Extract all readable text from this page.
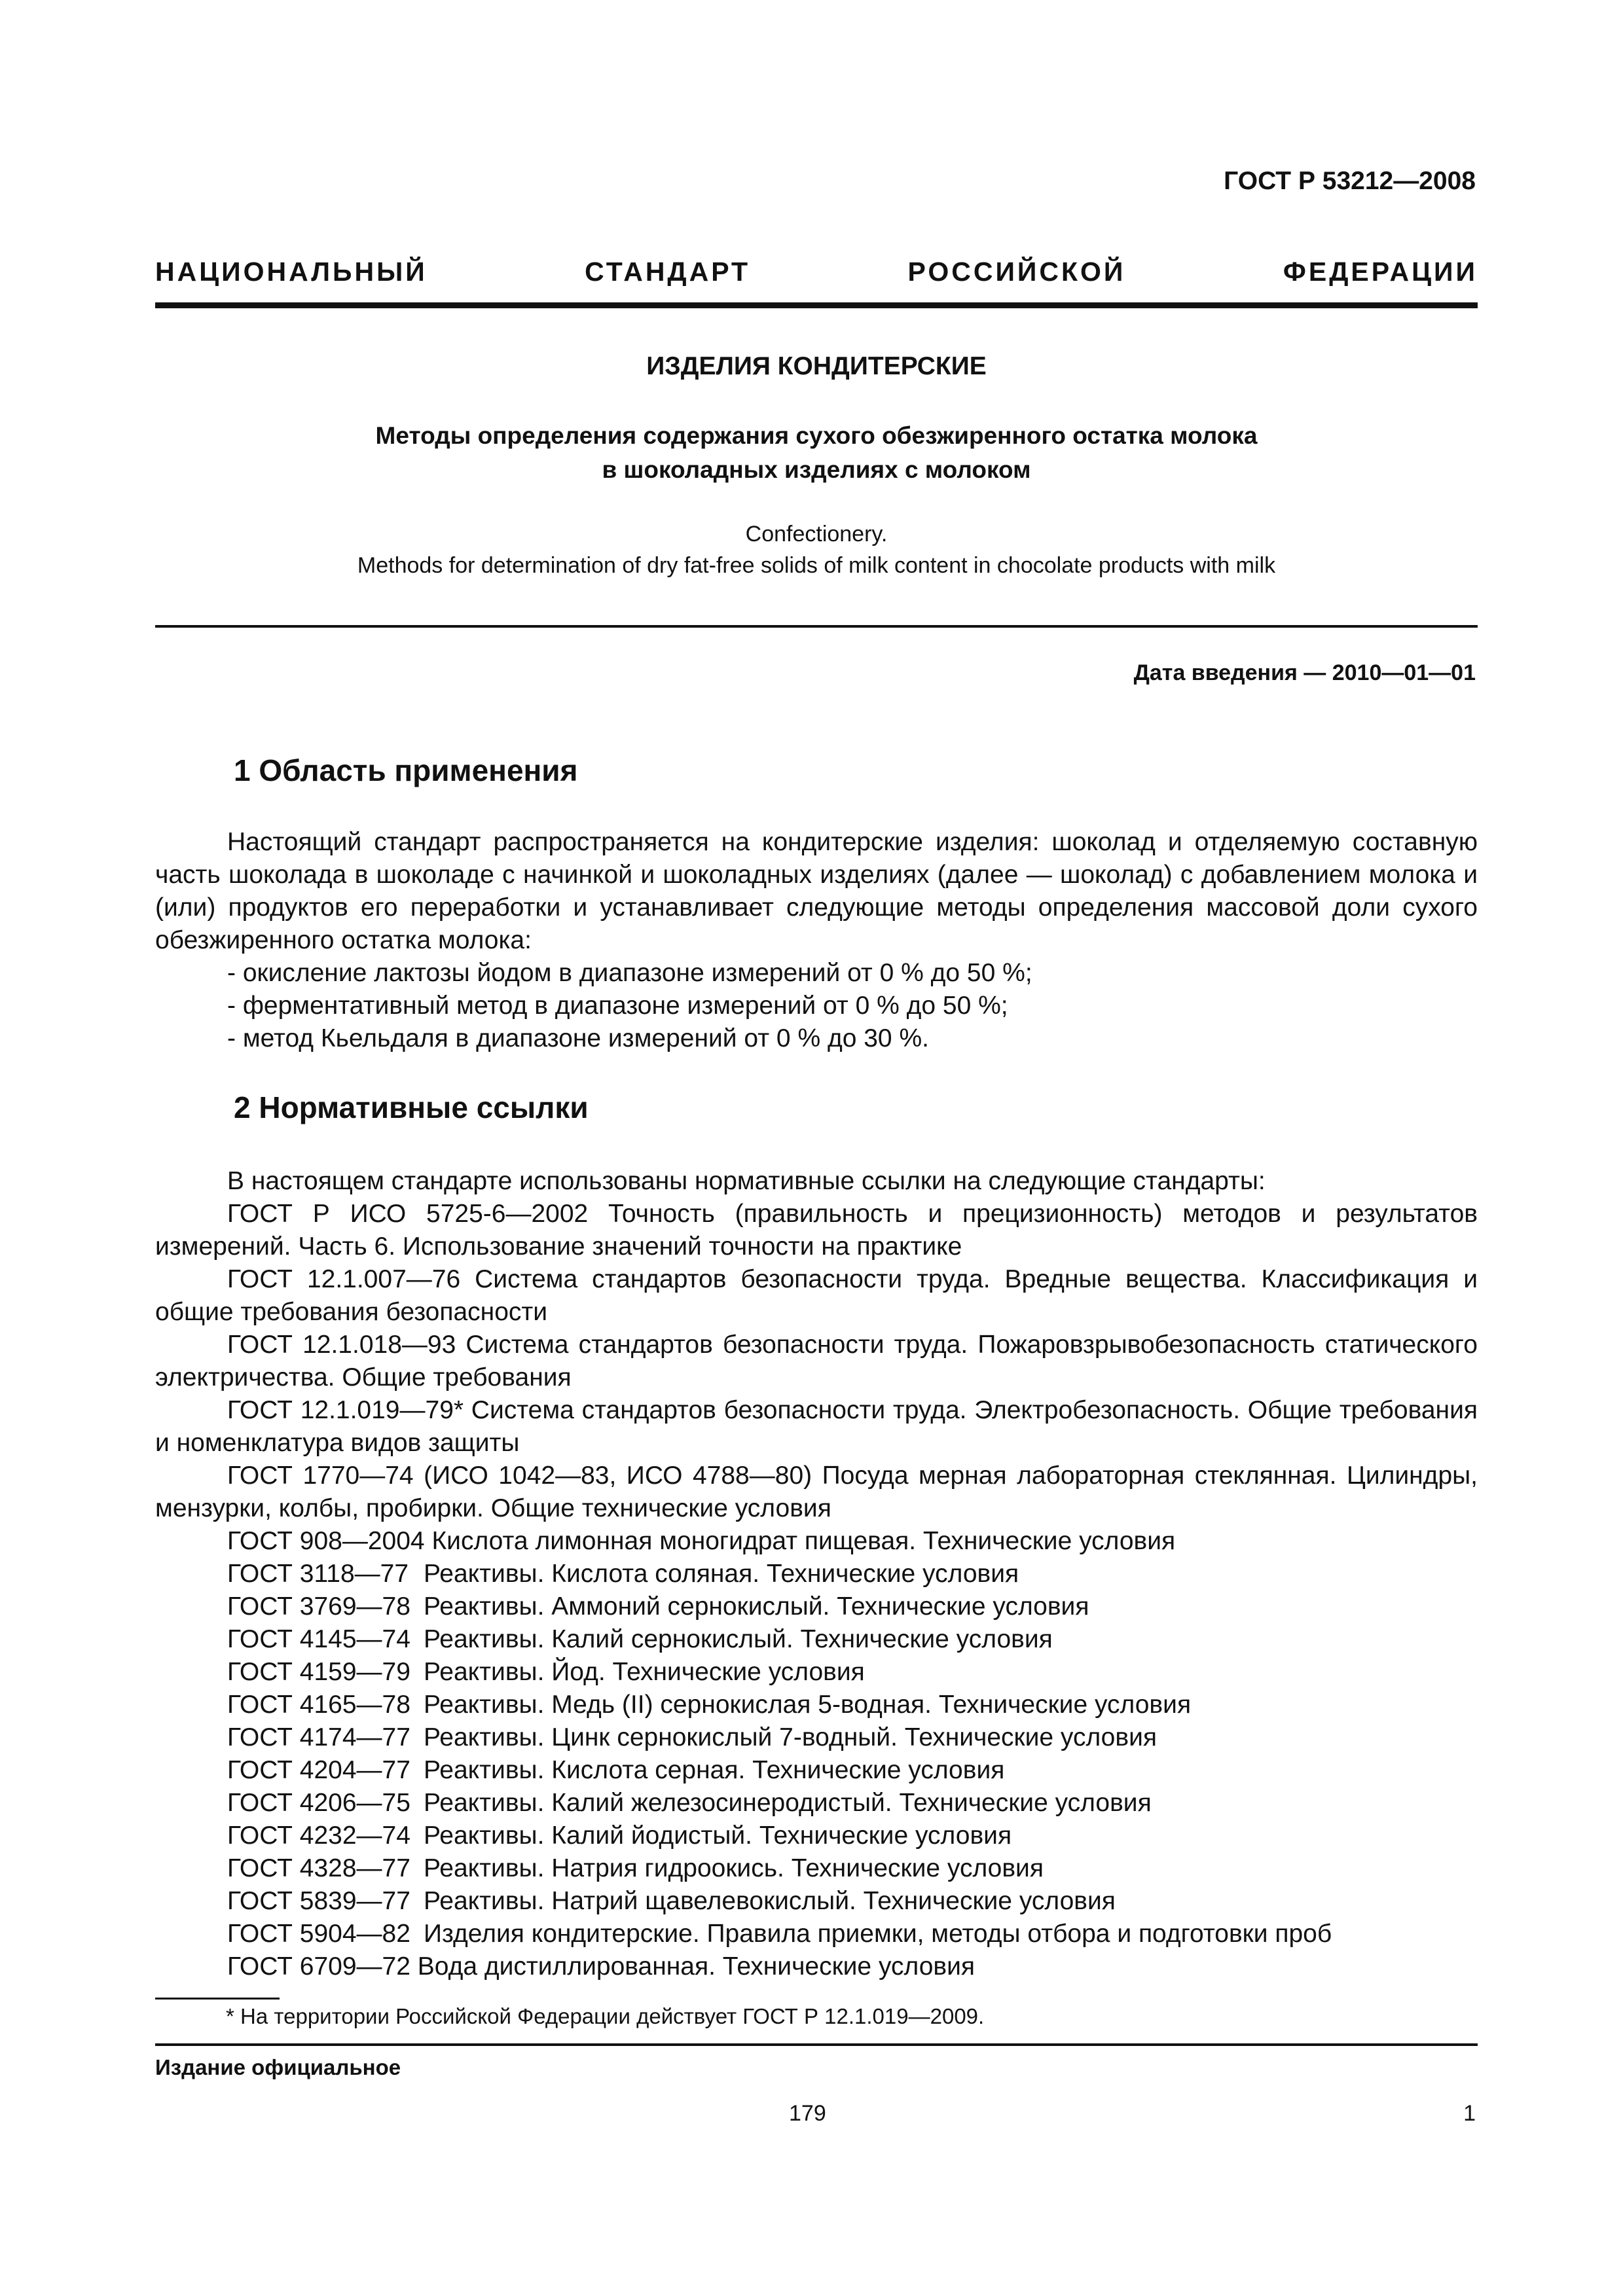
ГОСТ Р 53212—2008
НАЦИОНАЛЬНЫЙ СТАНДАРТ РОССИЙСКОЙ ФЕДЕРАЦИИ
ИЗДЕЛИЯ КОНДИТЕРСКИЕ
Методы определения содержания сухого обезжиренного остатка молока
в шоколадных изделиях с молоком
Confectionery.
Methods for determination of dry fat-free solids of milk content in chocolate products with milk
Дата введения — 2010—01—01
1 Область применения
Настоящий стандарт распространяется на кондитерские изделия: шоколад и отделяемую составную часть шоколада в шоколаде с начинкой и шоколадных изделиях (далее — шоколад) с добавлением молока и (или) продуктов его переработки и устанавливает следующие методы определения массовой доли сухого обезжиренного остатка молока:
- окисление лактозы йодом в диапазоне измерений от 0 % до 50 %;
- ферментативный метод в диапазоне измерений от 0 % до 50 %;
- метод Кьельдаля в диапазоне измерений от 0 % до 30 %.
2 Нормативные ссылки
В настоящем стандарте использованы нормативные ссылки на следующие стандарты:
ГОСТ Р ИСО 5725-6—2002 Точность (правильность и прецизионность) методов и результатов измерений. Часть 6. Использование значений точности на практике
ГОСТ 12.1.007—76 Система стандартов безопасности труда. Вредные вещества. Классификация и общие требования безопасности
ГОСТ 12.1.018—93 Система стандартов безопасности труда. Пожаровзрывобезопасность статического электричества. Общие требования
ГОСТ 12.1.019—79* Система стандартов безопасности труда. Электробезопасность. Общие требования и номенклатура видов защиты
ГОСТ 1770—74 (ИСО 1042—83, ИСО 4788—80) Посуда мерная лабораторная стеклянная. Цилиндры, мензурки, колбы, пробирки. Общие технические условия
ГОСТ 908—2004 Кислота лимонная моногидрат пищевая. Технические условия
ГОСТ 3118—77 Реактивы. Кислота соляная. Технические условия
ГОСТ 3769—78 Реактивы. Аммоний сернокислый. Технические условия
ГОСТ 4145—74 Реактивы. Калий сернокислый. Технические условия
ГОСТ 4159—79 Реактивы. Йод. Технические условия
ГОСТ 4165—78 Реактивы. Медь (II) сернокислая 5-водная. Технические условия
ГОСТ 4174—77 Реактивы. Цинк сернокислый 7-водный. Технические условия
ГОСТ 4204—77 Реактивы. Кислота серная. Технические условия
ГОСТ 4206—75 Реактивы. Калий железосинеродистый. Технические условия
ГОСТ 4232—74 Реактивы. Калий йодистый. Технические условия
ГОСТ 4328—77 Реактивы. Натрия гидроокись. Технические условия
ГОСТ 5839—77 Реактивы. Натрий щавелевокислый. Технические условия
ГОСТ 5904—82 Изделия кондитерские. Правила приемки, методы отбора и подготовки проб
ГОСТ 6709—72 Вода дистиллированная. Технические условия
* На территории Российской Федерации действует ГОСТ Р 12.1.019—2009.
Издание официальное
179	1
